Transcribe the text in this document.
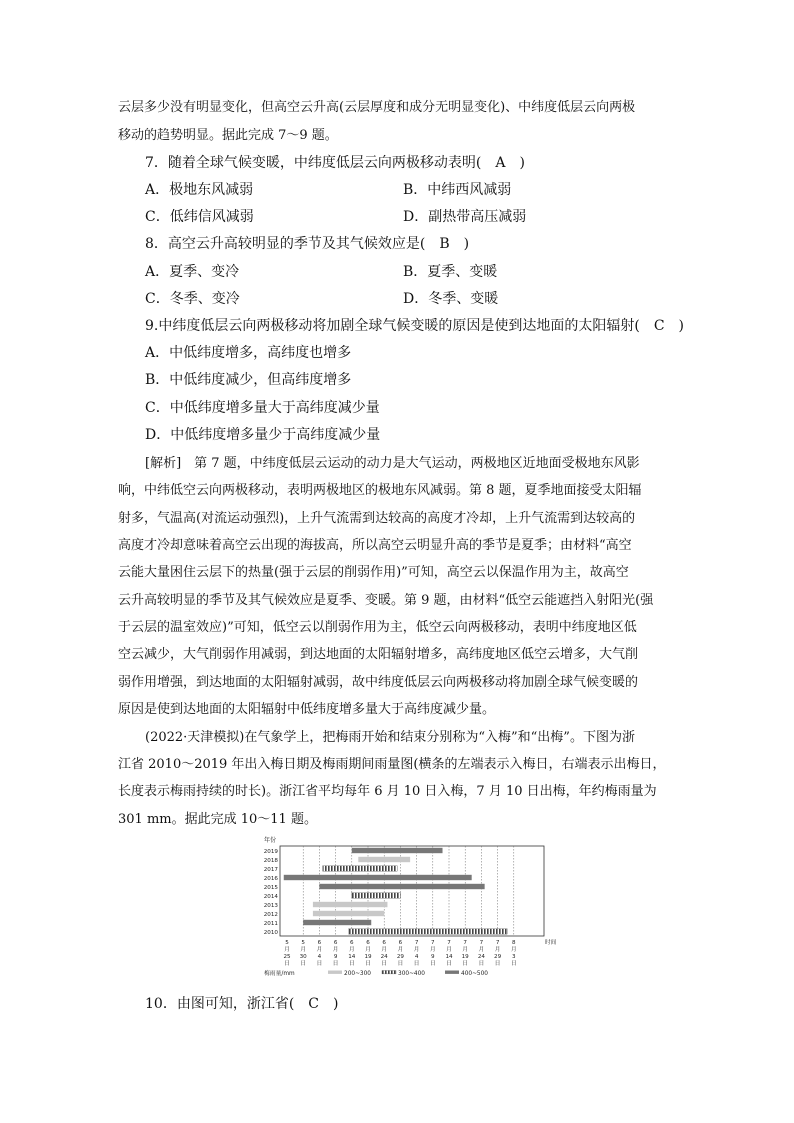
云层多少没有明显变化，但高空云升高(云层厚度和成分无明显变化)、中纬度低层云向两极
移动的趋势明显。据此完成 7～9 题。
7．随着全球气候变暖，中纬度低层云向两极移动表明(　A　)
A．极地东风减弱	B．中纬西风减弱
C．低纬信风减弱	D．副热带高压减弱
8．高空云升高较明显的季节及其气候效应是(　B　)
A．夏季、变冷	B．夏季、变暖
C．冬季、变冷	D．冬季、变暖
9.中纬度低层云向两极移动将加剧全球气候变暖的原因是使到达地面的太阳辐射(　C　)
A．中低纬度增多，高纬度也增多
B．中低纬度减少，但高纬度增多
C．中低纬度增多量大于高纬度减少量
D．中低纬度增多量少于高纬度减少量
[解析]　第 7 题，中纬度低层云运动的动力是大气运动，两极地区近地面受极地东风影
响，中纬低空云向两极移动，表明两极地区的极地东风减弱。第 8 题，夏季地面接受太阳辐
射多，气温高(对流运动强烈)，上升气流需到达较高的高度才冷却，上升气流需到达较高的
高度才冷却意味着高空云出现的海拔高，所以高空云明显升高的季节是夏季；由材料“高空
云能大量困住云层下的热量(强于云层的削弱作用)”可知，高空云以保温作用为主，故高空
云升高较明显的季节及其气候效应是夏季、变暖。第 9 题，由材料“低空云能遮挡入射阳光(强
于云层的温室效应)”可知，低空云以削弱作用为主，低空云向两极移动，表明中纬度地区低
空云减少，大气削弱作用减弱，到达地面的太阳辐射增多，高纬度地区低空云增多，大气削
弱作用增强，到达地面的太阳辐射减弱，故中纬度低层云向两极移动将加剧全球气候变暖的
原因是使到达地面的太阳辐射中低纬度增多量大于高纬度减少量。
(2022·天津模拟)在气象学上，把梅雨开始和结束分别称为“入梅”和“出梅”。下图为浙
江省 2010～2019 年出入梅日期及梅雨期间雨量图(横条的左端表示入梅日，右端表示出梅日，
长度表示梅雨持续的时长)。浙江省平均每年 6 月 10 日入梅，7 月 10 日出梅，年约梅雨量为
301 mm。据此完成 10～11 题。
年份
2019
2018
2017
2016
2015
2014
2013
2012
2011
2010
5
月
25
日
5
月
30
日
6
月
4
日
6
月
9
日
6
月
14
日
6
月
19
日
6
月
24
日
6
月
29
日
7
月
4
日
7
月
9
日
7
月
14
日
7
月
19
日
7
月
24
日
7
月
29
日
8
月
3
日
时间
梅雨量/mm	200~300	300~400	400~500
10．由图可知，浙江省(　C　)
